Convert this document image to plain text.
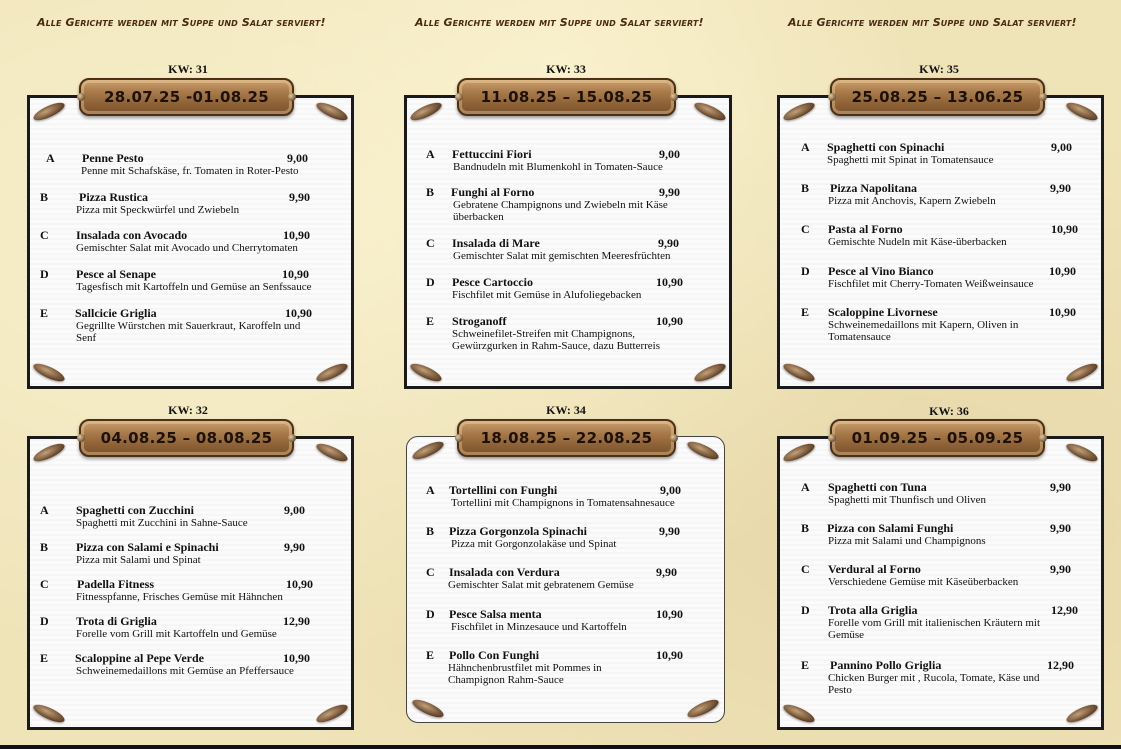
Alle Gerichte werden mit Suppe und Salat serviert!	Alle Gerichte werden mit Suppe und Salat serviert!	Alle Gerichte werden mit Suppe und Salat serviert!
KW: 31
A Penne Pesto	9,00
Penne mit Schafskäse, fr. Tomaten in Roter-Pesto
B	Pizza Rustica	9,90
Pizza mit Speckwürfel und Zwiebeln
C Insalada con Avocado	10,90
Gemischter Salat mit Avocado und Cherrytomaten
D Pesce al Senape	10,90
Tagesfisch mit Kartoffeln und Gemüse an Senfssauce
E Sallcicie Griglia	10,90
Gegrillte Würstchen mit Sauerkraut, Karoffeln und Senf
28.07.25 -01.08.25
KW: 33
A Fettuccini Fiori	9,00
Bandnudeln mit Blumenkohl in Tomaten-Sauce
B Funghi al Forno	9,90
Gebratene Champignons und Zwiebeln mit Käse überbacken
C Insalada di Mare	9,90
Gemischter Salat mit gemischten Meeresfrüchten
D Pesce Cartoccio	10,90
Fischfilet mit Gemüse in Alufoliegebacken
E Stroganoff	10,90
Schweinefilet-Streifen mit Champignons, Gewürzgurken in Rahm-Sauce, dazu Butterreis
11.08.25 – 15.08.25
KW: 35
A Spaghetti con Spinachi	9,00
Spaghetti mit Spinat in Tomatensauce
B Pizza Napolitana	9,90
Pizza mit Anchovis, Kapern Zwiebeln
C Pasta al Forno	10,90
Gemischte Nudeln mit Käse-überbacken
D Pesce al Vino Bianco	10,90
Fischfilet mit Cherry-Tomaten Weißweinsauce
E Scaloppine Livornese	10,90
Schweinemedaillons mit Kapern, Oliven in Tomatensauce
25.08.25 – 13.06.25
KW: 32
A Spaghetti con Zucchini	9,00
Spaghetti mit Zucchini in Sahne-Sauce
B Pizza con Salami e Spinachi	9,90
Pizza mit Salami und Spinat
C Padella Fitness	10,90
Fitnesspfanne, Frisches Gemüse mit Hähnchen
D Trota di Griglia	12,90
Forelle vom Grill mit Kartoffeln und Gemüse
E Scaloppine al Pepe Verde	10,90
Schweinemedaillons mit Gemüse an Pfeffersauce
04.08.25 – 08.08.25
KW: 34
A Tortellini con Funghi	9,00
Tortellini mit Champignons in Tomatensahnesauce
B Pizza Gorgonzola Spinachi	9,90
Pizza mit Gorgonzolakäse und Spinat
C Insalada con Verdura	9,90
Gemischter Salat mit gebratenem Gemüse
D Pesce Salsa menta	10,90
Fischfilet in Minzesauce und Kartoffeln
E Pollo Con Funghi	10,90
Hähnchenbrustfilet mit Pommes in Champignon Rahm-Sauce
18.08.25 – 22.08.25
KW: 36
A Spaghetti con Tuna	9,90
Spaghetti mit Thunfisch und Oliven
B Pizza con Salami Funghi	9,90
Pizza mit Salami und Champignons
C Verdural al Forno	9,90
Verschiedene Gemüse mit Käseüberbacken
D Trota alla Griglia	12,90
Forelle vom Grill mit italienischen Kräutern mit Gemüse
E Pannino Pollo Griglia	12,90
Chicken Burger mit , Rucola, Tomate, Käse und Pesto
01.09.25 – 05.09.25
